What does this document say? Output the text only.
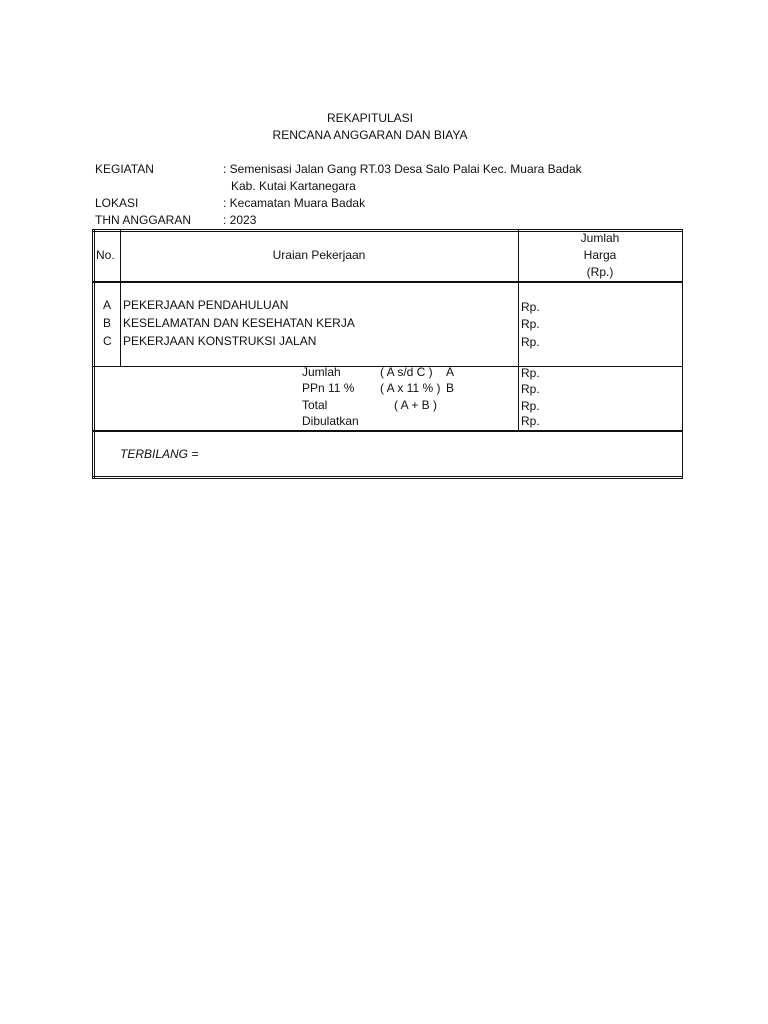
REKAPITULASI
RENCANA ANGGARAN DAN BIAYA
KEGIATAN	: Semenisasi Jalan Gang RT.03 Desa Salo Palai Kec. Muara Badak
Kab. Kutai Kartanegara
LOKASI	: Kecamatan Muara Badak
THN ANGGARAN	: 2023
No.	Uraian Pekerjaan
Jumlah
Harga
(Rp.)
A PEKERJAAN PENDAHULUAN	Rp.
B KESELAMATAN DAN KESEHATAN KERJA	Rp.
C PEKERJAAN KONSTRUKSI JALAN	Rp.
Jumlah	( A s/d C ) A	Rp.
PPn 11 % ( A x 11 % ) B	Rp.
Total	( A + B )	Rp.
Dibulatkan	Rp.
TERBILANG =
